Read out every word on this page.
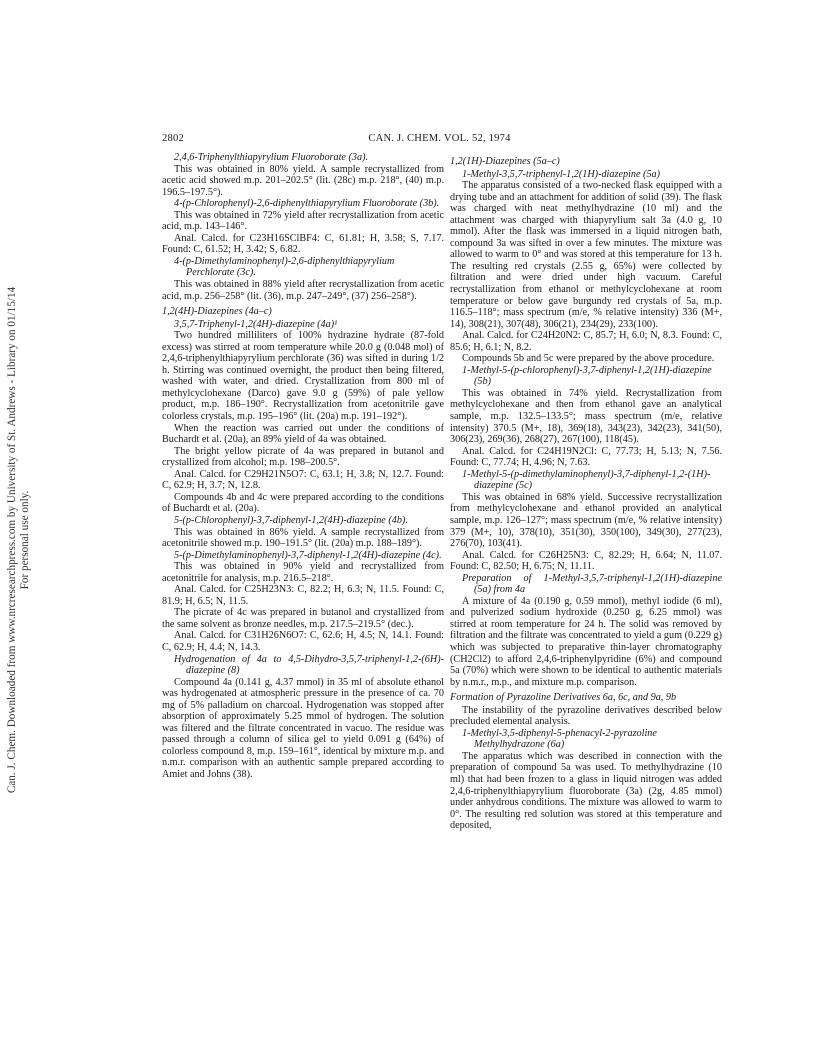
Can. J. Chem. Downloaded from www.nrcresearchpress.com by University of St. Andrews - Library on 01/15/14 For personal use only.
2802	CAN. J. CHEM. VOL. 52, 1974

2,4,6-Triphenylthiapyrylium Fluoroborate (3a).

This was obtained in 80% yield. A sample recrystallized from acetic acid showed m.p. 201–202.5° (lit. (28c) m.p. 218°, (40) m.p. 196.5–197.5°).

4-(p-Chlorophenyl)-2,6-diphenylthiapyrylium Fluoroborate (3b).

This was obtained in 72% yield after recrystallization from acetic acid, m.p. 143–146°.

Anal. Calcd. for C23H16SClBF4: C, 61.81; H, 3.58; S, 7.17. Found: C, 61.52; H, 3.42; S, 6.82.

4-(p-Dimethylaminophenyl)-2,6-diphenylthiapyrylium Perchlorate (3c).

This was obtained in 88% yield after recrystallization from acetic acid, m.p. 256–258° (lit. (36), m.p. 247–249°, (37) 256–258°).

1,2(4H)-Diazepines (4a–c)

3,5,7-Triphenyl-1,2(4H)-diazepine (4a)¹

Two hundred milliliters of 100% hydrazine hydrate (87-fold excess) was stirred at room temperature while 20.0 g (0.048 mol) of 2,4,6-triphenylthiapyrylium perchlorate (36) was sifted in during 1/2 h. Stirring was continued overnight, the product then being filtered, washed with water, and dried. Crystallization from 800 ml of methylcyclohexane (Darco) gave 9.0 g (59%) of pale yellow product, m.p. 186–190°. Recrystallization from acetonitrile gave colorless crystals, m.p. 195–196° (lit. (20a) m.p. 191–192°).

When the reaction was carried out under the conditions of Buchardt et al. (20a), an 89% yield of 4a was obtained.

The bright yellow picrate of 4a was prepared in butanol and crystallized from alcohol; m.p. 198–200.5°.

Anal. Calcd. for C29H21N5O7: C, 63.1; H, 3.8; N, 12.7. Found: C, 62.9; H, 3.7; N, 12.8.

Compounds 4b and 4c were prepared according to the conditions of Buchardt et al. (20a).

5-(p-Chlorophenyl)-3,7-diphenyl-1,2(4H)-diazepine (4b).

This was obtained in 86% yield. A sample recrystallized from acetonitrile showed m.p. 190–191.5° (lit. (20a) m.p. 188–189°).

5-(p-Dimethylaminophenyl)-3,7-diphenyl-1,2(4H)-diazepine (4c).

This was obtained in 90% yield and recrystallized from acetonitrile for analysis, m.p. 216.5–218°.

Anal. Calcd. for C25H23N3: C, 82.2; H, 6.3; N, 11.5. Found: C, 81.9; H, 6.5; N, 11.5.

The picrate of 4c was prepared in butanol and crystallized from the same solvent as bronze needles, m.p. 217.5–219.5° (dec.).

Anal. Calcd. for C31H26N6O7: C, 62.6; H, 4.5; N, 14.1. Found: C, 62.9; H, 4.4; N, 14.3.

Hydrogenation of 4a to 4,5-Dihydro-3,5,7-triphenyl-1,2-(6H)-diazepine (8)

Compound 4a (0.141 g, 4.37 mmol) in 35 ml of absolute ethanol was hydrogenated at atmospheric pressure in the presence of ca. 70 mg of 5% palladium on charcoal. Hydrogenation was stopped after absorption of approximately 5.25 mmol of hydrogen. The solution was filtered and the filtrate concentrated in vacuo. The residue was passed through a column of silica gel to yield 0.091 g (64%) of colorless compound 8, m.p. 159–161°, identical by mixture m.p. and n.m.r. comparison with an authentic sample prepared according to Amiet and Johns (38).

1,2(1H)-Diazepines (5a–c)

1-Methyl-3,5,7-triphenyl-1,2(1H)-diazepine (5a)

The apparatus consisted of a two-necked flask equipped with a drying tube and an attachment for addition of solid (39). The flask was charged with neat methylhydrazine (10 ml) and the attachment was charged with thiapyrylium salt 3a (4.0 g, 10 mmol). After the flask was immersed in a liquid nitrogen bath, compound 3a was sifted in over a few minutes. The mixture was allowed to warm to 0° and was stored at this temperature for 13 h. The resulting red crystals (2.55 g, 65%) were collected by filtration and were dried under high vacuum. Careful recrystallization from ethanol or methylcyclohexane at room temperature or below gave burgundy red crystals of 5a, m.p. 116.5–118°; mass spectrum (m/e, % relative intensity) 336 (M+, 14), 308(21), 307(48), 306(21), 234(29), 233(100).

Anal. Calcd. for C24H20N2: C, 85.7; H, 6.0; N, 8.3. Found: C, 85.6; H, 6.1; N, 8.2.

Compounds 5b and 5c were prepared by the above procedure.

1-Methyl-5-(p-chlorophenyl)-3,7-diphenyl-1,2(1H)-diazepine (5b)

This was obtained in 74% yield. Recrystallization from methylcyclohexane and then from ethanol gave an analytical sample, m.p. 132.5–133.5°; mass spectrum (m/e, relative intensity) 370.5 (M+, 18), 369(18), 343(23), 342(23), 341(50), 306(23), 269(36), 268(27), 267(100), 118(45).

Anal. Calcd. for C24H19N2Cl: C, 77.73; H, 5.13; N, 7.56. Found: C, 77.74; H, 4.96; N, 7.63.

1-Methyl-5-(p-dimethylaminophenyl)-3,7-diphenyl-1,2-(1H)-diazepine (5c)

This was obtained in 68% yield. Successive recrystallization from methylcyclohexane and ethanol provided an analytical sample, m.p. 126–127°; mass spectrum (m/e, % relative intensity) 379 (M+, 10), 378(10), 351(30), 350(100), 349(30), 277(23), 276(70), 103(41).

Anal. Calcd. for C26H25N3: C, 82.29; H, 6.64; N, 11.07. Found: C, 82.50; H, 6.75; N, 11.11.

Preparation of 1-Methyl-3,5,7-triphenyl-1,2(1H)-diazepine (5a) from 4a

A mixture of 4a (0.190 g, 0.59 mmol), methyl iodide (6 ml), and pulverized sodium hydroxide (0.250 g, 6.25 mmol) was stirred at room temperature for 24 h. The solid was removed by filtration and the filtrate was concentrated to yield a gum (0.229 g) which was subjected to preparative thin-layer chromatography (CH2Cl2) to afford 2,4,6-triphenylpyridine (6%) and compound 5a (70%) which were shown to be identical to authentic materials by n.m.r., m.p., and mixture m.p. comparison.

Formation of Pyrazoline Derivatives 6a, 6c, and 9a, 9b

The instability of the pyrazoline derivatives described below precluded elemental analysis.

1-Methyl-3,5-diphenyl-5-phenacyl-2-pyrazoline Methylhydrazone (6a)

The apparatus which was described in connection with the preparation of compound 5a was used. To methylhydrazine (10 ml) that had been frozen to a glass in liquid nitrogen was added 2,4,6-triphenylthiapyrylium fluoroborate (3a) (2g, 4.85 mmol) under anhydrous conditions. The mixture was allowed to warm to 0°. The resulting red solution was stored at this temperature and deposited,
